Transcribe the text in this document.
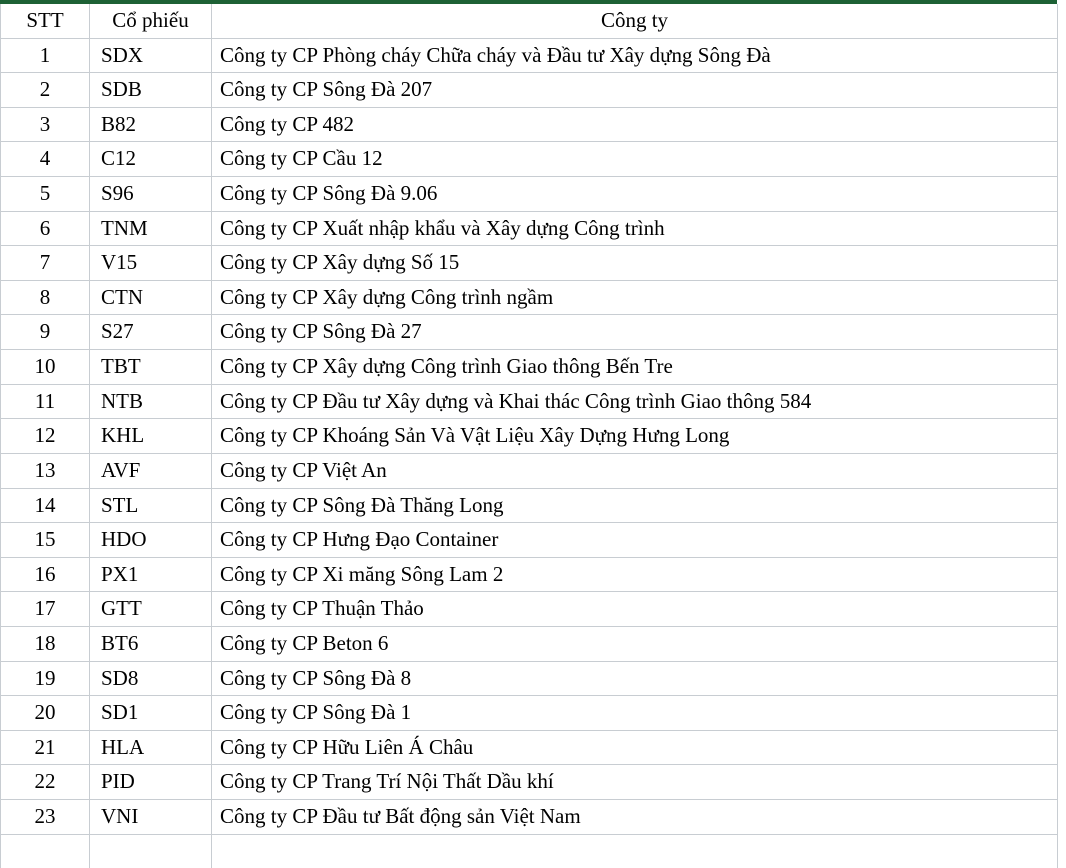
STT	Cổ phiếu	Công ty
1	SDX	Công ty CP Phòng cháy Chữa cháy và Đầu tư Xây dựng Sông Đà
2	SDB	Công ty CP Sông Đà 207
3	B82	Công ty CP 482
4	C12	Công ty CP Cầu 12
5	S96	Công ty CP Sông Đà 9.06
6	TNM	Công ty CP Xuất nhập khẩu và Xây dựng Công trình
7	V15	Công ty CP Xây dựng Số 15
8	CTN	Công ty CP Xây dựng Công trình ngầm
9	S27	Công ty CP Sông Đà 27
10	TBT	Công ty CP Xây dựng Công trình Giao thông Bến Tre
11	NTB	Công ty CP Đầu tư Xây dựng và Khai thác Công trình Giao thông 584
12	KHL	Công ty CP Khoáng Sản Và Vật Liệu Xây Dựng Hưng Long
13	AVF	Công ty CP Việt An
14	STL	Công ty CP Sông Đà Thăng Long
15	HDO	Công ty CP Hưng Đạo Container
16	PX1	Công ty CP Xi măng Sông Lam 2
17	GTT	Công ty CP Thuận Thảo
18	BT6	Công ty CP Beton 6
19	SD8	Công ty CP Sông Đà 8
20	SD1	Công ty CP Sông Đà 1
21	HLA	Công ty CP Hữu Liên Á Châu
22	PID	Công ty CP Trang Trí Nội Thất Dầu khí
23	VNI	Công ty CP Đầu tư Bất động sản Việt Nam
